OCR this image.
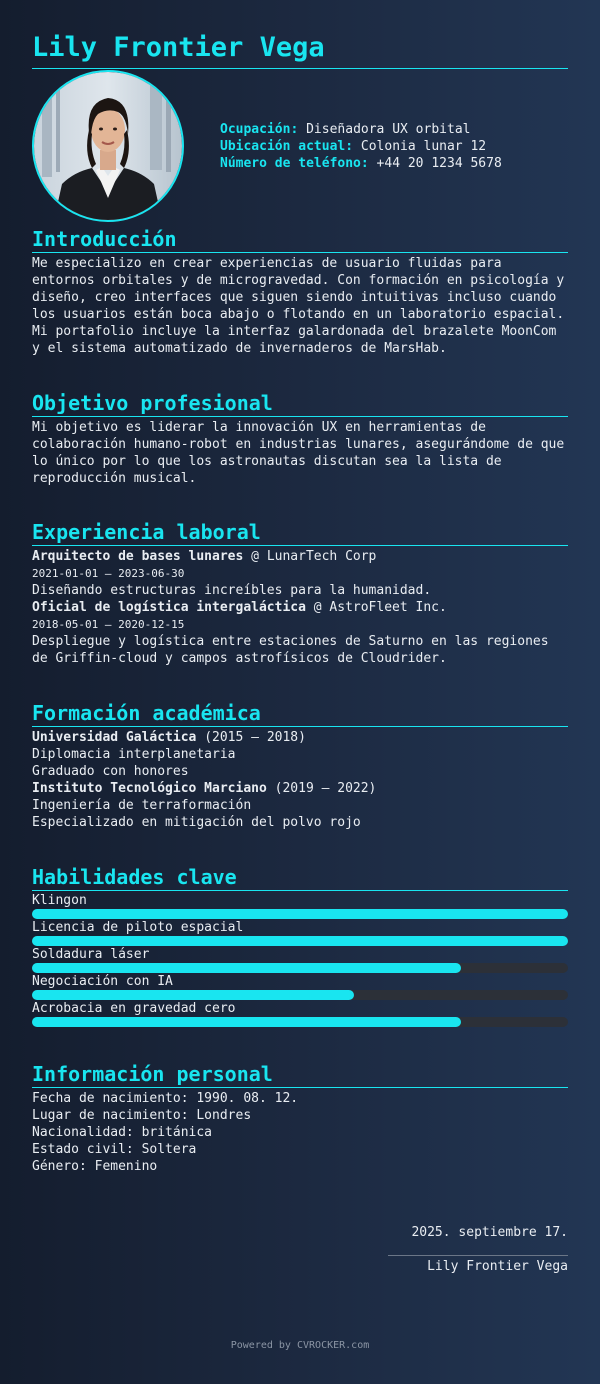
Lily Frontier Vega
Ocupación: Diseñadora UX orbital
Ubicación actual: Colonia lunar 12
Número de teléfono: +44 20 1234 5678
Introducción

Me especializo en crear experiencias de usuario fluidas para
entornos orbitales y de microgravedad. Con formación en psicología y
diseño, creo interfaces que siguen siendo intuitivas incluso cuando
los usuarios están boca abajo o flotando en un laboratorio espacial.
Mi portafolio incluye la interfaz galardonada del brazalete MoonCom
y el sistema automatizado de invernaderos de MarsHab.

Objetivo profesional

Mi objetivo es liderar la innovación UX en herramientas de
colaboración humano-robot en industrias lunares, asegurándome de que
lo único por lo que los astronautas discutan sea la lista de
reproducción musical.

Experiencia laboral
Arquitecto de bases lunares @ LunarTech Corp
2021-01-01 – 2023-06-30

Diseñando estructuras increíbles para la humanidad.

Oficial de logística intergaláctica @ AstroFleet Inc.
2018-05-01 – 2020-12-15

Despliegue y logística entre estaciones de Saturno en las regiones
de Griffin-cloud y campos astrofísicos de Cloudrider.

Formación académica
Universidad Galáctica (2015 – 2018)
Diplomacia interplanetaria
Graduado con honores
Instituto Tecnológico Marciano (2019 – 2022)
Ingeniería de terraformación
Especializado en mitigación del polvo rojo
Habilidades clave
Klingon
Licencia de piloto espacial
Soldadura láser
Negociación con IA
Acrobacia en gravedad cero
Información personal
Fecha de nacimiento: 1990. 08. 12.
Lugar de nacimiento: Londres
Nacionalidad: británica
Estado civil: Soltera
Género: Femenino
2025. septiembre 17.
Lily Frontier Vega
Powered by CVROCKER.com
